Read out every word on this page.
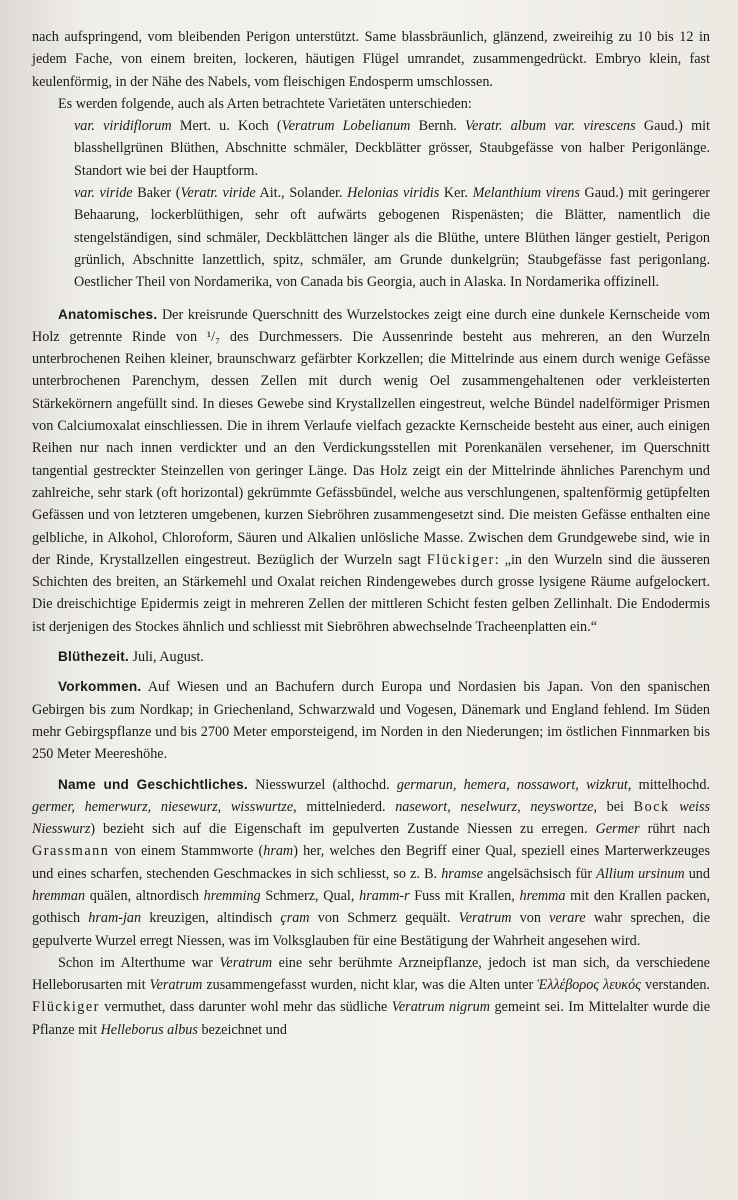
nach aufspringend, vom bleibenden Perigon unterstützt. Same blassbräunlich, glänzend, zweireihig zu 10 bis 12 in jedem Fache, von einem breiten, lockeren, häutigen Flügel umrandet, zusammengedrückt. Embryo klein, fast keulenförmig, in der Nähe des Nabels, vom fleischigen Endosperm umschlossen.

Es werden folgende, auch als Arten betrachtete Varietäten unterschieden:

var. viridiflorum Mert. u. Koch (Veratrum Lobelianum Bernh. Veratr. album var. virescens Gaud.) mit blasshellgrünen Blüthen, Abschnitte schmäler, Deckblätter grösser, Staubgefässe von halber Perigonlänge. Standort wie bei der Hauptform.

var. viride Baker (Veratr. viride Ait., Solander. Helonias viridis Ker. Melanthium virens Gaud.) mit geringerer Behaarung, lockerblüthigen, sehr oft aufwärts gebogenen Rispenästen; die Blätter, namentlich die stengelständigen, sind schmäler, Deckblättchen länger als die Blüthe, untere Blüthen länger gestielt, Perigon grünlich, Abschnitte lanzettlich, spitz, schmäler, am Grunde dunkelgrün; Staubgefässe fast perigonlang. Oestlicher Theil von Nordamerika, von Canada bis Georgia, auch in Alaska. In Nordamerika offizinell.

Anatomisches. Der kreisrunde Querschnitt des Wurzelstockes zeigt eine durch eine dunkele Kernscheide vom Holz getrennte Rinde von ¹/₇ des Durchmessers. Die Aussenrinde besteht aus mehreren, an den Wurzeln unterbrochenen Reihen kleiner, braunschwarz gefärbter Korkzellen; die Mittelrinde aus einem durch wenige Gefässe unterbrochenen Parenchym, dessen Zellen mit durch wenig Oel zusammengehaltenen oder verkleisterten Stärkekörnern angefüllt sind. In dieses Gewebe sind Krystallzellen eingestreut, welche Bündel nadelförmiger Prismen von Calciumoxalat einschliessen. Die in ihrem Verlaufe vielfach gezackte Kernscheide besteht aus einer, auch einigen Reihen nur nach innen verdickter und an den Verdickungsstellen mit Porenkanälen versehener, im Querschnitt tangential gestreckter Steinzellen von geringer Länge. Das Holz zeigt ein der Mittelrinde ähnliches Parenchym und zahlreiche, sehr stark (oft horizontal) gekrümmte Gefässbündel, welche aus verschlungenen, spaltenförmig getüpfelten Gefässen und von letzteren umgebenen, kurzen Siebröhren zusammengesetzt sind. Die meisten Gefässe enthalten eine gelbliche, in Alkohol, Chloroform, Säuren und Alkalien unlösliche Masse. Zwischen dem Grundgewebe sind, wie in der Rinde, Krystallzellen eingestreut. Bezüglich der Wurzeln sagt Flückiger: „in den Wurzeln sind die äusseren Schichten des breiten, an Stärkemehl und Oxalat reichen Rindengewebes durch grosse lysigene Räume aufgelockert. Die dreischichtige Epidermis zeigt in mehreren Zellen der mittleren Schicht festen gelben Zellinhalt. Die Endodermis ist derjenigen des Stockes ähnlich und schliesst mit Siebröhren abwechselnde Tracheenplatten ein.“

Blüthezeit. Juli, August.

Vorkommen. Auf Wiesen und an Bachufern durch Europa und Nordasien bis Japan. Von den spanischen Gebirgen bis zum Nordkap; in Griechenland, Schwarzwald und Vogesen, Dänemark und England fehlend. Im Süden mehr Gebirgspflanze und bis 2700 Meter emporsteigend, im Norden in den Niederungen; im östlichen Finnmarken bis 250 Meter Meereshöhe.

Name und Geschichtliches. Niesswurzel (althochd. germarun, hemera, nossawort, wizkrut, mittelhochd. germer, hemerwurz, niesewurz, wisswurtze, mittelniederd. nasewort, neselwurz, neyswortze, bei Bock weiss Niesswurz) bezieht sich auf die Eigenschaft im gepulverten Zustande Niessen zu erregen. Germer rührt nach Grassmann von einem Stammworte (hram) her, welches den Begriff einer Qual, speziell eines Marterwerkzeuges und eines scharfen, stechenden Geschmackes in sich schliesst, so z. B. hramse angelsächsisch für Allium ursinum und hremman quälen, altnordisch hremming Schmerz, Qual, hramm-r Fuss mit Krallen, hremma mit den Krallen packen, gothisch hram-jan kreuzigen, altindisch çram von Schmerz gequält. Veratrum von verare wahr sprechen, die gepulverte Wurzel erregt Niessen, was im Volksglauben für eine Bestätigung der Wahrheit angesehen wird.

Schon im Alterthume war Veratrum eine sehr berühmte Arzneipflanze, jedoch ist man sich, da verschiedene Helleborusarten mit Veratrum zusammengefasst wurden, nicht klar, was die Alten unter Ἑλλέβορος λευκός verstanden. Flückiger vermuthet, dass darunter wohl mehr das südliche Veratrum nigrum gemeint sei. Im Mittelalter wurde die Pflanze mit Helleborus albus bezeichnet und
